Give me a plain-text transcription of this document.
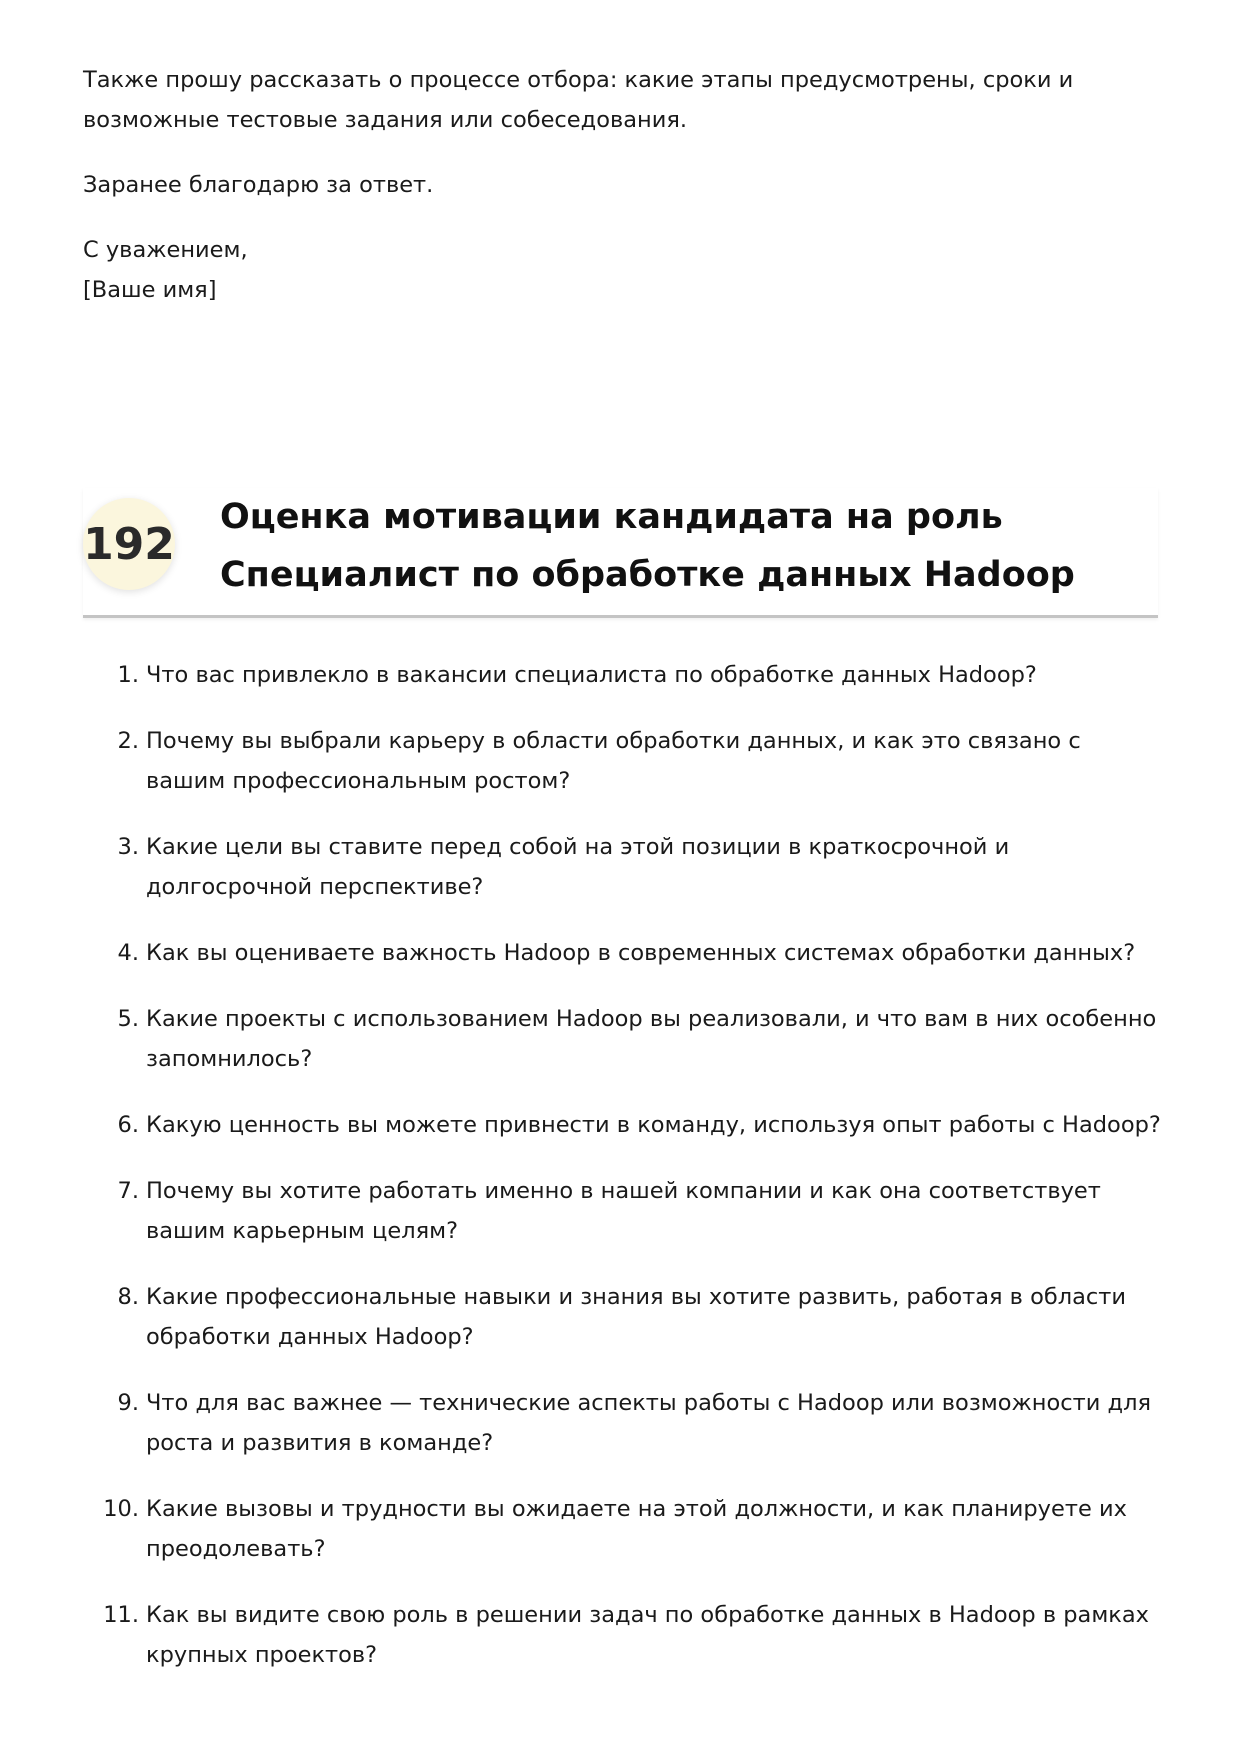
Также прошу рассказать о процессе отбора: какие этапы предусмотрены, сроки и возможные тестовые задания или собеседования.

Заранее благодарю за ответ.

С уважением,
[Ваше имя]

192
Оценка мотивации кандидата на роль Специалист по обработке данных Hadoop
1. Что вас привлекло в вакансии специалиста по обработке данных Hadoop?
2. Почему вы выбрали карьеру в области обработки данных, и как это связано с вашим профессиональным ростом?
3. Какие цели вы ставите перед собой на этой позиции в краткосрочной и долгосрочной перспективе?
4. Как вы оцениваете важность Hadoop в современных системах обработки данных?
5. Какие проекты с использованием Hadoop вы реализовали, и что вам в них особенно запомнилось?
6. Какую ценность вы можете привнести в команду, используя опыт работы с Hadoop?
7. Почему вы хотите работать именно в нашей компании и как она соответствует вашим карьерным целям?
8. Какие профессиональные навыки и знания вы хотите развить, работая в области обработки данных Hadoop?
9. Что для вас важнее — технические аспекты работы с Hadoop или возможности для роста и развития в команде?
10. Какие вызовы и трудности вы ожидаете на этой должности, и как планируете их преодолевать?
11. Как вы видите свою роль в решении задач по обработке данных в Hadoop в рамках крупных проектов?
